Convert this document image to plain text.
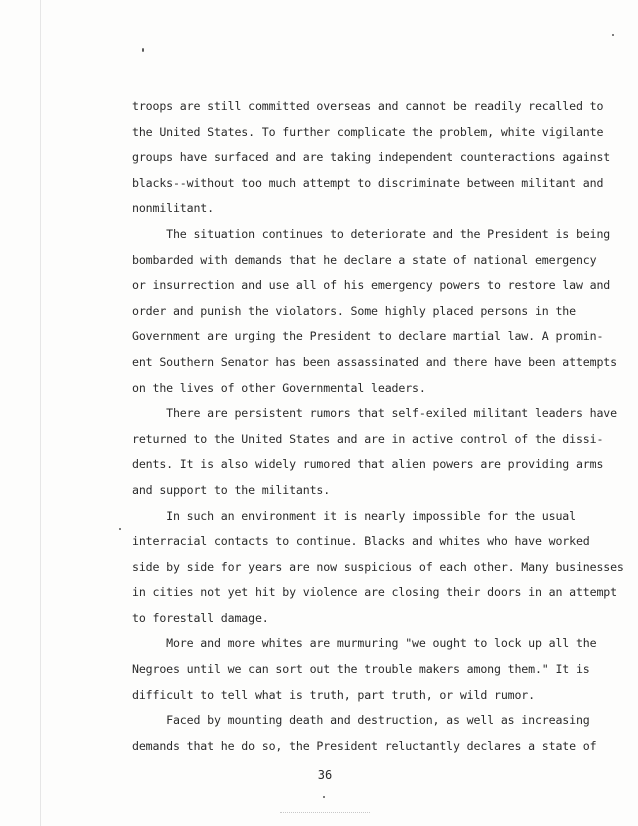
troops are still committed overseas and cannot be readily recalled to
the United States. To further complicate the problem, white vigilante
groups have surfaced and are taking independent counteractions against
blacks--without too much attempt to discriminate between militant and
nonmilitant.
The situation continues to deteriorate and the President is being
bombarded with demands that he declare a state of national emergency
or insurrection and use all of his emergency powers to restore law and
order and punish the violators. Some highly placed persons in the
Government are urging the President to declare martial law. A promin-
ent Southern Senator has been assassinated and there have been attempts
on the lives of other Governmental leaders.
There are persistent rumors that self-exiled militant leaders have
returned to the United States and are in active control of the dissi-
dents. It is also widely rumored that alien powers are providing arms
and support to the militants.
In such an environment it is nearly impossible for the usual
interracial contacts to continue. Blacks and whites who have worked
side by side for years are now suspicious of each other. Many businesses
in cities not yet hit by violence are closing their doors in an attempt
to forestall damage.
More and more whites are murmuring "we ought to lock up all the
Negroes until we can sort out the trouble makers among them." It is
difficult to tell what is truth, part truth, or wild rumor.
Faced by mounting death and destruction, as well as increasing
demands that he do so, the President reluctantly declares a state of
36
